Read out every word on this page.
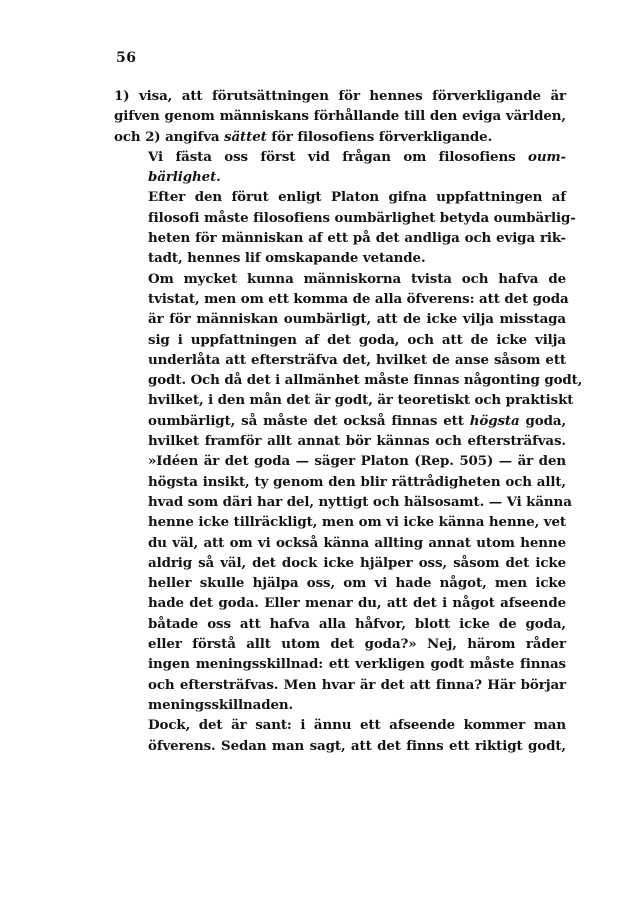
56
1) visa, att förutsättningen för hennes förverkligande är
gifven genom människans förhållande till den eviga världen,
och 2) angifva sättet för filosofiens förverkligande.
Vi fästa oss först vid frågan om filosofiens oum-
bärlighet.
Efter den förut enligt Platon gifna uppfattningen af
filosofi måste filosofiens oumbärlighet betyda oumbärlig-
heten för människan af ett på det andliga och eviga rik-
tadt, hennes lif omskapande vetande.
Om mycket kunna människorna tvista och hafva de
tvistat, men om ett komma de alla öfverens: att det goda
är för människan oumbärligt, att de icke vilja misstaga
sig i uppfattningen af det goda, och att de icke vilja
underlåta att eftersträfva det, hvilket de anse såsom ett
godt. Och då det i allmänhet måste finnas någonting godt,
hvilket, i den mån det är godt, är teoretiskt och praktiskt
oumbärligt, så måste det också finnas ett högsta goda,
hvilket framför allt annat bör kännas och eftersträfvas.
»Idéen är det goda — säger Platon (Rep. 505) — är den
högsta insikt, ty genom den blir rättrådigheten och allt,
hvad som däri har del, nyttigt och hälsosamt. — Vi känna
henne icke tillräckligt, men om vi icke känna henne, vet
du väl, att om vi också känna allting annat utom henne
aldrig så väl, det dock icke hjälper oss, såsom det icke
heller skulle hjälpa oss, om vi hade något, men icke
hade det goda. Eller menar du, att det i något afseende
båtade oss att hafva alla håfvor, blott icke de goda,
eller förstå allt utom det goda?» Nej, härom råder
ingen meningsskillnad: ett verkligen godt måste finnas
och eftersträfvas. Men hvar är det att finna? Här börjar
meningsskillnaden.
Dock, det är sant: i ännu ett afseende kommer man
öfverens. Sedan man sagt, att det finns ett riktigt godt,
